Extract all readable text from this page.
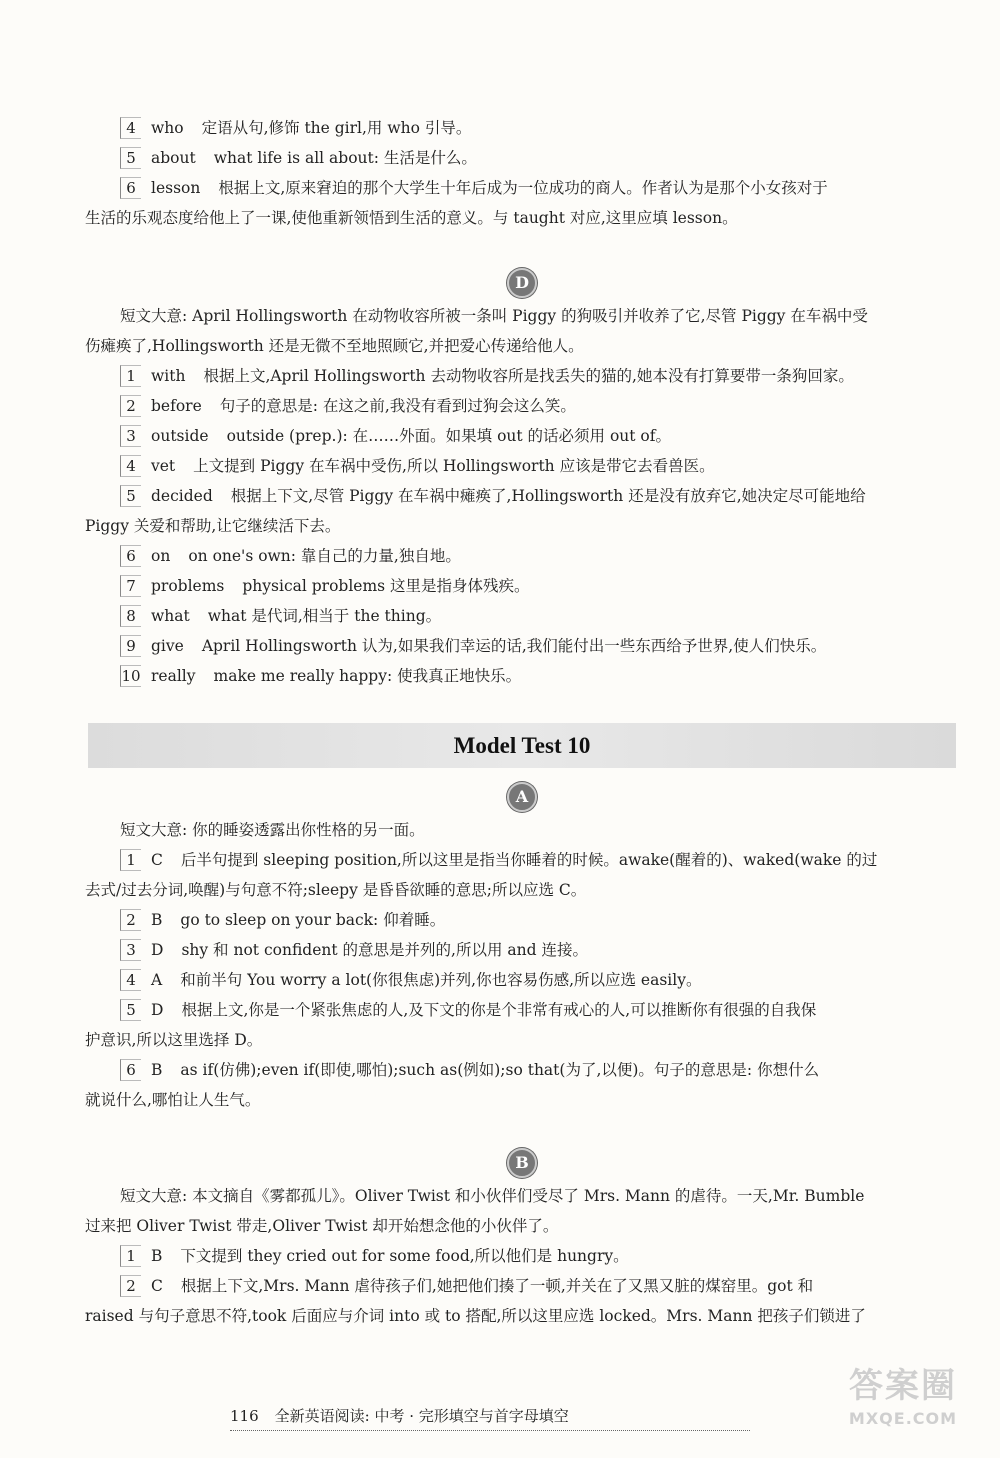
4 who 定语从句,修饰 the girl,用 who 引导。
5 about what life is all about: 生活是什么。
6 lesson 根据上文,原来窘迫的那个大学生十年后成为一位成功的商人。作者认为是那个小女孩对于
生活的乐观态度给他上了一课,使他重新领悟到生活的意义。与 taught 对应,这里应填 lesson。
D
短文大意: April Hollingsworth 在动物收容所被一条叫 Piggy 的狗吸引并收养了它,尽管 Piggy 在车祸中受
伤瘫痪了,Hollingsworth 还是无微不至地照顾它,并把爱心传递给他人。
1 with 根据上文,April Hollingsworth 去动物收容所是找丢失的猫的,她本没有打算要带一条狗回家。
2 before 句子的意思是: 在这之前,我没有看到过狗会这么笑。
3 outside outside (prep.): 在……外面。如果填 out 的话必须用 out of。
4 vet 上文提到 Piggy 在车祸中受伤,所以 Hollingsworth 应该是带它去看兽医。
5 decided 根据上下文,尽管 Piggy 在车祸中瘫痪了,Hollingsworth 还是没有放弃它,她决定尽可能地给
Piggy 关爱和帮助,让它继续活下去。
6 on on one's own: 靠自己的力量,独自地。
7 problems physical problems 这里是指身体残疾。
8 what what 是代词,相当于 the thing。
9 give April Hollingsworth 认为,如果我们幸运的话,我们能付出一些东西给予世界,使人们快乐。
10 really make me really happy: 使我真正地快乐。
Model Test 10
A
短文大意: 你的睡姿透露出你性格的另一面。
1 C 后半句提到 sleeping position,所以这里是指当你睡着的时候。awake(醒着的)、waked(wake 的过
去式/过去分词,唤醒)与句意不符;sleepy 是昏昏欲睡的意思;所以应选 C。
2 B go to sleep on your back: 仰着睡。
3 D shy 和 not confident 的意思是并列的,所以用 and 连接。
4 A 和前半句 You worry a lot(你很焦虑)并列,你也容易伤感,所以应选 easily。
5 D 根据上文,你是一个紧张焦虑的人,及下文的你是个非常有戒心的人,可以推断你有很强的自我保
护意识,所以这里选择 D。
6 B as if(仿佛);even if(即使,哪怕);such as(例如);so that(为了,以便)。句子的意思是: 你想什么
就说什么,哪怕让人生气。
B
短文大意: 本文摘自《雾都孤儿》。Oliver Twist 和小伙伴们受尽了 Mrs. Mann 的虐待。一天,Mr. Bumble
过来把 Oliver Twist 带走,Oliver Twist 却开始想念他的小伙伴了。
1 B 下文提到 they cried out for some food,所以他们是 hungry。
2 C 根据上下文,Mrs. Mann 虐待孩子们,她把他们揍了一顿,并关在了又黑又脏的煤窑里。got 和
raised 与句子意思不符,took 后面应与介词 into 或 to 搭配,所以这里应选 locked。Mrs. Mann 把孩子们锁进了
116 全新英语阅读: 中考 · 完形填空与首字母填空
答案圈
MXQE.COM
